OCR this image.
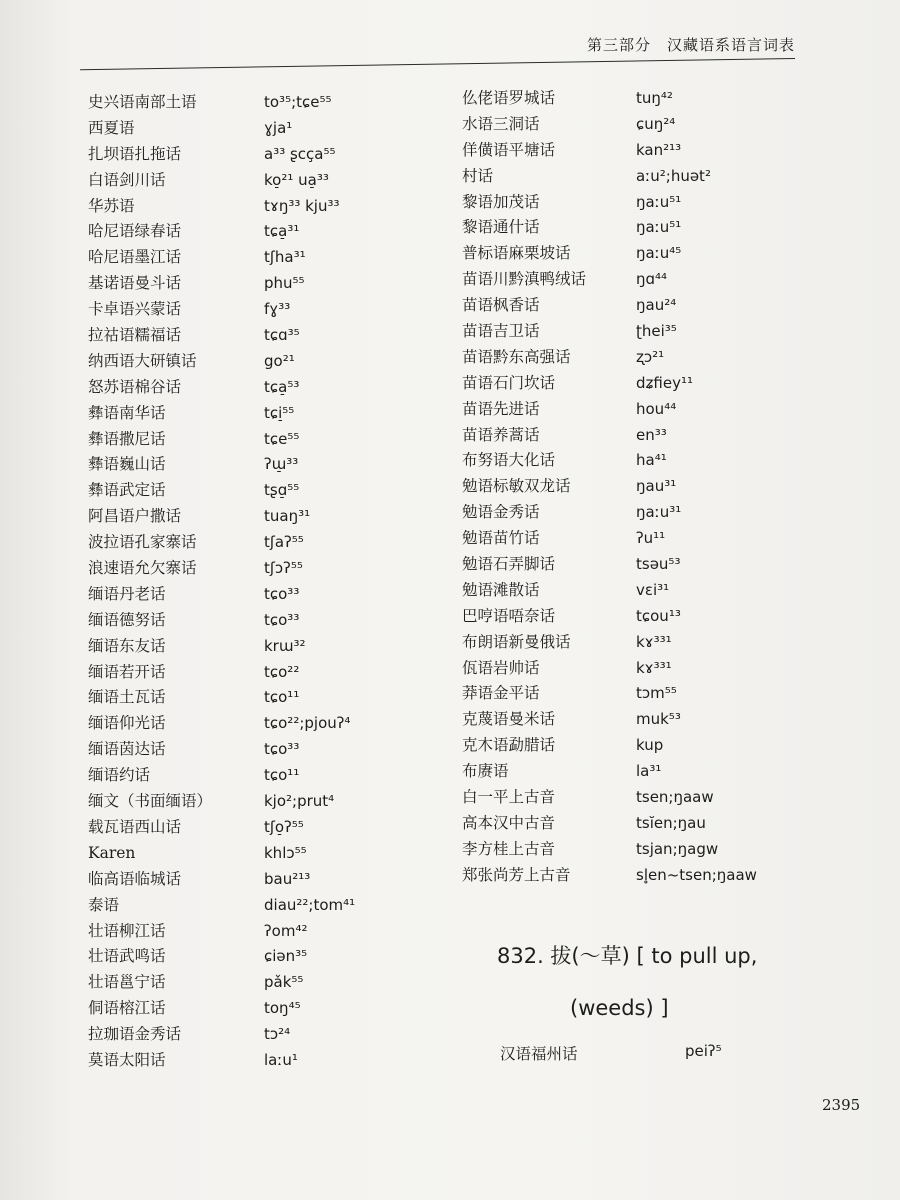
第三部分　汉藏语系语言词表
史兴语南部土语	to³⁵;tɕe⁵⁵
西夏语	ɣja¹
扎坝语扎拖话	a³³ ʂcça⁵⁵
白语剑川话	ko̠²¹ ua̠³³
华苏语	tɤŋ³³ kju³³
哈尼语绿春话	tɕa̠³¹
哈尼语墨江话	tʃha³¹
基诺语曼斗话	phu⁵⁵
卡卓语兴蒙话	fɣ³³
拉祜语糯福话	tɕɑ³⁵
纳西语大研镇话	go²¹
怒苏语棉谷话	tɕa̠⁵³
彝语南华话	tɕi̠⁵⁵
彝语撒尼话	tɕe⁵⁵
彝语巍山话	ʔɯ̠³³
彝语武定话	tʂɑ̠⁵⁵
阿昌语户撒话	tuaŋ³¹
波拉语孔家寨话	tʃaʔ⁵⁵
浪速语允欠寨话	tʃɔʔ⁵⁵
缅语丹老话	tɕo³³
缅语德努话	tɕo³³
缅语东友话	krɯ³²
缅语若开话	tɕo²²
缅语土瓦话	tɕo¹¹
缅语仰光话	tɕo²²;pjouʔ⁴
缅语茵达话	tɕo³³
缅语约话	tɕo¹¹
缅文（书面缅语）	kjo²;prut⁴
载瓦语西山话	tʃo̠ʔ⁵⁵
Karen	khlɔ⁵⁵
临高语临城话	bau²¹³
泰语	diau²²;tom⁴¹
壮语柳江话	ʔom⁴²
壮语武鸣话	ɕiən³⁵
壮语邕宁话	pǎk⁵⁵
侗语榕江话	toŋ⁴⁵
拉珈语金秀话	tɔ²⁴
莫语太阳话	laːu¹
仫佬语罗城话	tuŋ⁴²
水语三洞话	ɕuŋ²⁴
佯僙语平塘话	kan²¹³
村话	aːu²;huət²
黎语加茂话	ŋaːu⁵¹
黎语通什话	ŋaːu⁵¹
普标语麻栗坡话	ŋaːu⁴⁵
苗语川黔滇鸭绒话	ŋɑ⁴⁴
苗语枫香话	ŋau²⁴
苗语吉卫话	ʈhei³⁵
苗语黔东高强话	ʐɔ²¹
苗语石门坎话	dʑfiey¹¹
苗语先进话	hou⁴⁴
苗语养蒿话	en³³
布努语大化话	ha⁴¹
勉语标敏双龙话	ŋau³¹
勉语金秀话	ŋaːu³¹
勉语苗竹话	ʔu¹¹
勉语石弄脚话	tsəu⁵³
勉语滩散话	vɛi³¹
巴哼语唔奈话	tɕou¹³
布朗语新曼俄话	kɤ³³¹
佤语岩帅话	kɤ³³¹
莽语金平话	tɔm⁵⁵
克蔑语曼米话	muk⁵³
克木语勐腊话	kup
布赓语	la³¹
白一平上古音	tsen;ŋaaw
高本汉中古音	tsĭen;ŋau
李方桂上古音	tsjan;ŋagw
郑张尚芳上古音	sl̥en~tsen;ŋaaw
832. 拔(～草) [ to pull up,
(weeds) ]
汉语福州话	peiʔ⁵
2395
